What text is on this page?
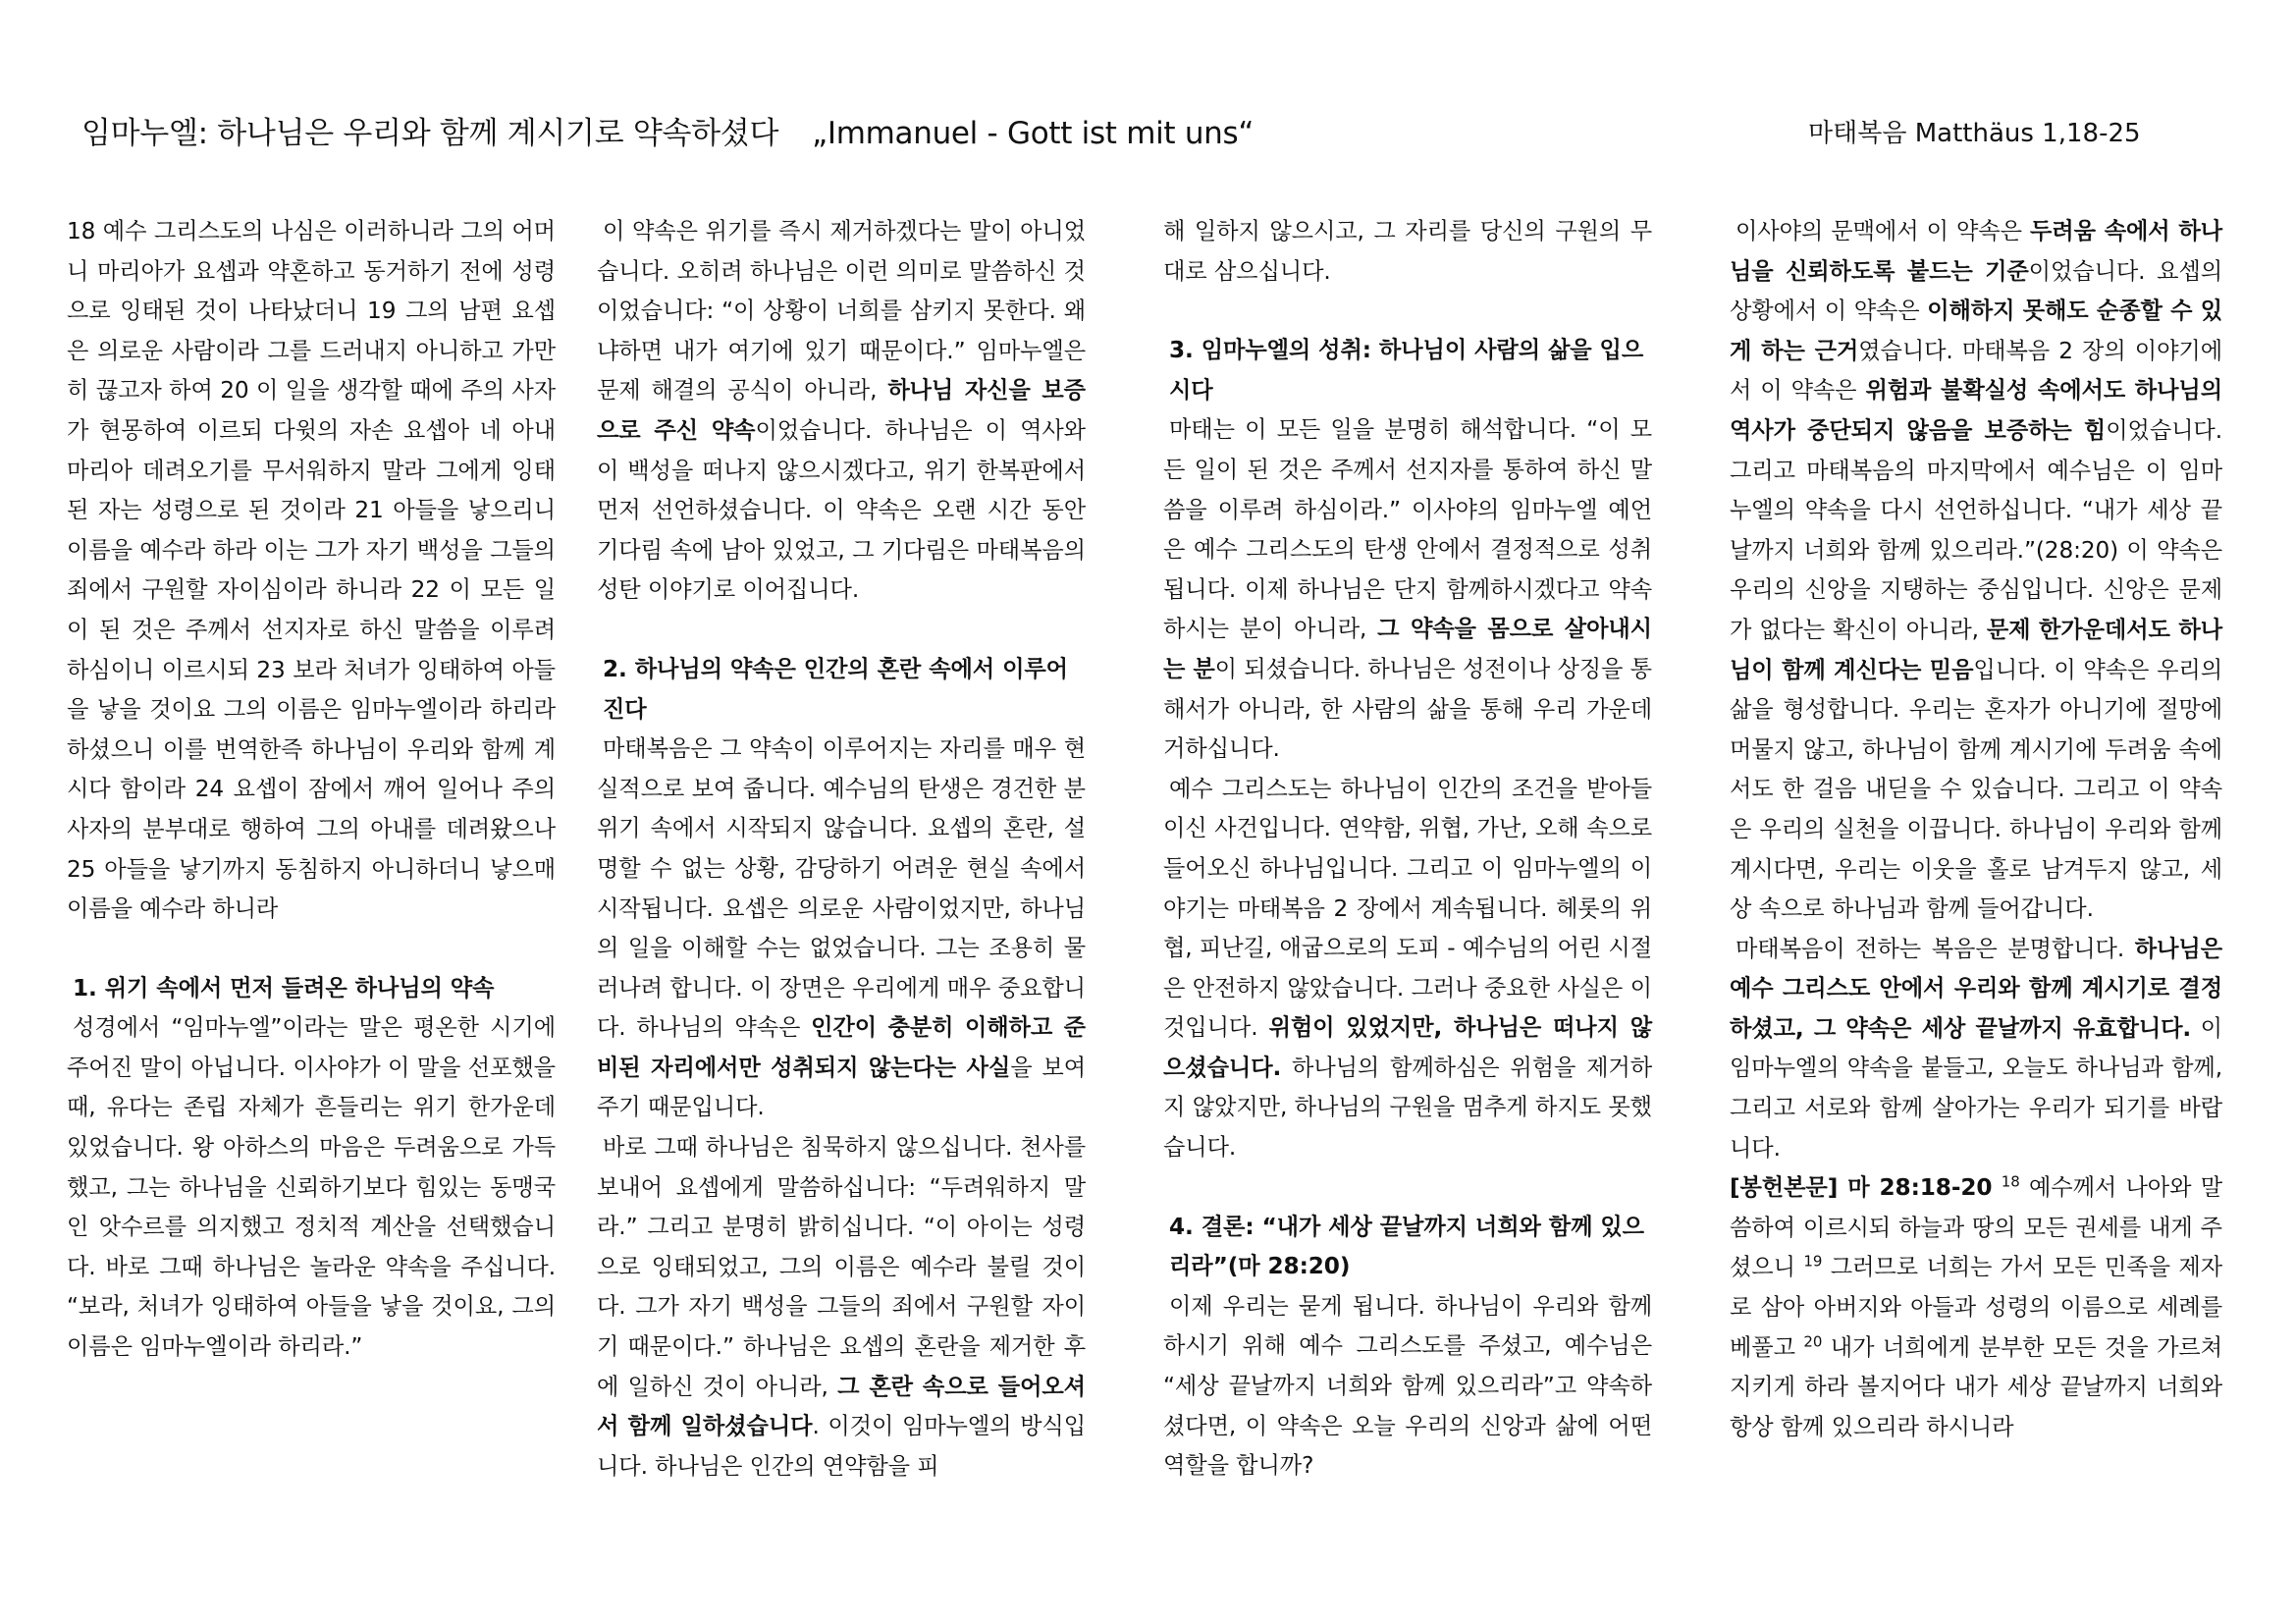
임마누엘: 하나님은 우리와 함께 계시기로 약속하셨다 „Immanuel - Gott ist mit uns“	마태복음 Matthäus 1,18-25

18 예수 그리스도의 나심은 이러하니라 그의 어머니 마리아가 요셉과 약혼하고 동거하기 전에 성령으로 잉태된 것이 나타났더니 19 그의 남편 요셉은 의로운 사람이라 그를 드러내지 아니하고 가만히 끊고자 하여 20 이 일을 생각할 때에 주의 사자가 현몽하여 이르되 다윗의 자손 요셉아 네 아내 마리아 데려오기를 무서워하지 말라 그에게 잉태된 자는 성령으로 된 것이라 21 아들을 낳으리니 이름을 예수라 하라 이는 그가 자기 백성을 그들의 죄에서 구원할 자이심이라 하니라 22 이 모든 일이 된 것은 주께서 선지자로 하신 말씀을 이루려 하심이니 이르시되 23 보라 처녀가 잉태하여 아들을 낳을 것이요 그의 이름은 임마누엘이라 하리라 하셨으니 이를 번역한즉 하나님이 우리와 함께 계시다 함이라 24 요셉이 잠에서 깨어 일어나 주의 사자의 분부대로 행하여 그의 아내를 데려왔으나 25 아들을 낳기까지 동침하지 아니하더니 낳으매 이름을 예수라 하니라

1. 위기 속에서 먼저 들려온 하나님의 약속

성경에서 “임마누엘”이라는 말은 평온한 시기에 주어진 말이 아닙니다. 이사야가 이 말을 선포했을 때, 유다는 존립 자체가 흔들리는 위기 한가운데 있었습니다. 왕 아하스의 마음은 두려움으로 가득했고, 그는 하나님을 신뢰하기보다 힘있는 동맹국인 앗수르를 의지했고 정치적 계산을 선택했습니다. 바로 그때 하나님은 놀라운 약속을 주십니다. “보라, 처녀가 잉태하여 아들을 낳을 것이요, 그의 이름은 임마누엘이라 하리라.”

이 약속은 위기를 즉시 제거하겠다는 말이 아니었습니다. 오히려 하나님은 이런 의미로 말씀하신 것이었습니다: “이 상황이 너희를 삼키지 못한다. 왜냐하면 내가 여기에 있기 때문이다.” 임마누엘은 문제 해결의 공식이 아니라, 하나님 자신을 보증으로 주신 약속이었습니다. 하나님은 이 역사와 이 백성을 떠나지 않으시겠다고, 위기 한복판에서 먼저 선언하셨습니다. 이 약속은 오랜 시간 동안 기다림 속에 남아 있었고, 그 기다림은 마태복음의 성탄 이야기로 이어집니다.

2. 하나님의 약속은 인간의 혼란 속에서 이루어진다

마태복음은 그 약속이 이루어지는 자리를 매우 현실적으로 보여 줍니다. 예수님의 탄생은 경건한 분위기 속에서 시작되지 않습니다. 요셉의 혼란, 설명할 수 없는 상황, 감당하기 어려운 현실 속에서 시작됩니다. 요셉은 의로운 사람이었지만, 하나님의 일을 이해할 수는 없었습니다. 그는 조용히 물러나려 합니다. 이 장면은 우리에게 매우 중요합니다. 하나님의 약속은 인간이 충분히 이해하고 준비된 자리에서만 성취되지 않는다는 사실을 보여 주기 때문입니다.

바로 그때 하나님은 침묵하지 않으십니다. 천사를 보내어 요셉에게 말씀하십니다: “두려워하지 말라.” 그리고 분명히 밝히십니다. “이 아이는 성령으로 잉태되었고, 그의 이름은 예수라 불릴 것이다. 그가 자기 백성을 그들의 죄에서 구원할 자이기 때문이다.” 하나님은 요셉의 혼란을 제거한 후에 일하신 것이 아니라, 그 혼란 속으로 들어오셔서 함께 일하셨습니다. 이것이 임마누엘의 방식입니다. 하나님은 인간의 연약함을 피

해 일하지 않으시고, 그 자리를 당신의 구원의 무대로 삼으십니다.

3. 임마누엘의 성취: 하나님이 사람의 삶을 입으시다

마태는 이 모든 일을 분명히 해석합니다. “이 모든 일이 된 것은 주께서 선지자를 통하여 하신 말씀을 이루려 하심이라.” 이사야의 임마누엘 예언은 예수 그리스도의 탄생 안에서 결정적으로 성취됩니다. 이제 하나님은 단지 함께하시겠다고 약속하시는 분이 아니라, 그 약속을 몸으로 살아내시는 분이 되셨습니다. 하나님은 성전이나 상징을 통해서가 아니라, 한 사람의 삶을 통해 우리 가운데 거하십니다.

예수 그리스도는 하나님이 인간의 조건을 받아들이신 사건입니다. 연약함, 위협, 가난, 오해 속으로 들어오신 하나님입니다. 그리고 이 임마누엘의 이야기는 마태복음 2 장에서 계속됩니다. 헤롯의 위협, 피난길, 애굽으로의 도피 - 예수님의 어린 시절은 안전하지 않았습니다. 그러나 중요한 사실은 이것입니다. 위험이 있었지만, 하나님은 떠나지 않으셨습니다. 하나님의 함께하심은 위험을 제거하지 않았지만, 하나님의 구원을 멈추게 하지도 못했습니다.

4. 결론: “내가 세상 끝날까지 너희와 함께 있으리라”(마 28:20)

이제 우리는 묻게 됩니다. 하나님이 우리와 함께하시기 위해 예수 그리스도를 주셨고, 예수님은 “세상 끝날까지 너희와 함께 있으리라”고 약속하셨다면, 이 약속은 오늘 우리의 신앙과 삶에 어떤 역할을 합니까?

이사야의 문맥에서 이 약속은 두려움 속에서 하나님을 신뢰하도록 붙드는 기준이었습니다. 요셉의 상황에서 이 약속은 이해하지 못해도 순종할 수 있게 하는 근거였습니다. 마태복음 2 장의 이야기에서 이 약속은 위험과 불확실성 속에서도 하나님의 역사가 중단되지 않음을 보증하는 힘이었습니다. 그리고 마태복음의 마지막에서 예수님은 이 임마누엘의 약속을 다시 선언하십니다. “내가 세상 끝날까지 너희와 함께 있으리라.”(28:20) 이 약속은 우리의 신앙을 지탱하는 중심입니다. 신앙은 문제가 없다는 확신이 아니라, 문제 한가운데서도 하나님이 함께 계신다는 믿음입니다. 이 약속은 우리의 삶을 형성합니다. 우리는 혼자가 아니기에 절망에 머물지 않고, 하나님이 함께 계시기에 두려움 속에서도 한 걸음 내딛을 수 있습니다. 그리고 이 약속은 우리의 실천을 이끕니다. 하나님이 우리와 함께 계시다면, 우리는 이웃을 홀로 남겨두지 않고, 세상 속으로 하나님과 함께 들어갑니다.

마태복음이 전하는 복음은 분명합니다. 하나님은 예수 그리스도 안에서 우리와 함께 계시기로 결정하셨고, 그 약속은 세상 끝날까지 유효합니다. 이 임마누엘의 약속을 붙들고, 오늘도 하나님과 함께, 그리고 서로와 함께 살아가는 우리가 되기를 바랍니다.

[봉헌본문] 마 28:18-20 $^{18}$ 예수께서 나아와 말씀하여 이르시되 하늘과 땅의 모든 권세를 내게 주셨으니 $^{19}$ 그러므로 너희는 가서 모든 민족을 제자로 삼아 아버지와 아들과 성령의 이름으로 세례를 베풀고 $^{20}$ 내가 너희에게 분부한 모든 것을 가르쳐 지키게 하라 볼지어다 내가 세상 끝날까지 너희와 항상 함께 있으리라 하시니라
